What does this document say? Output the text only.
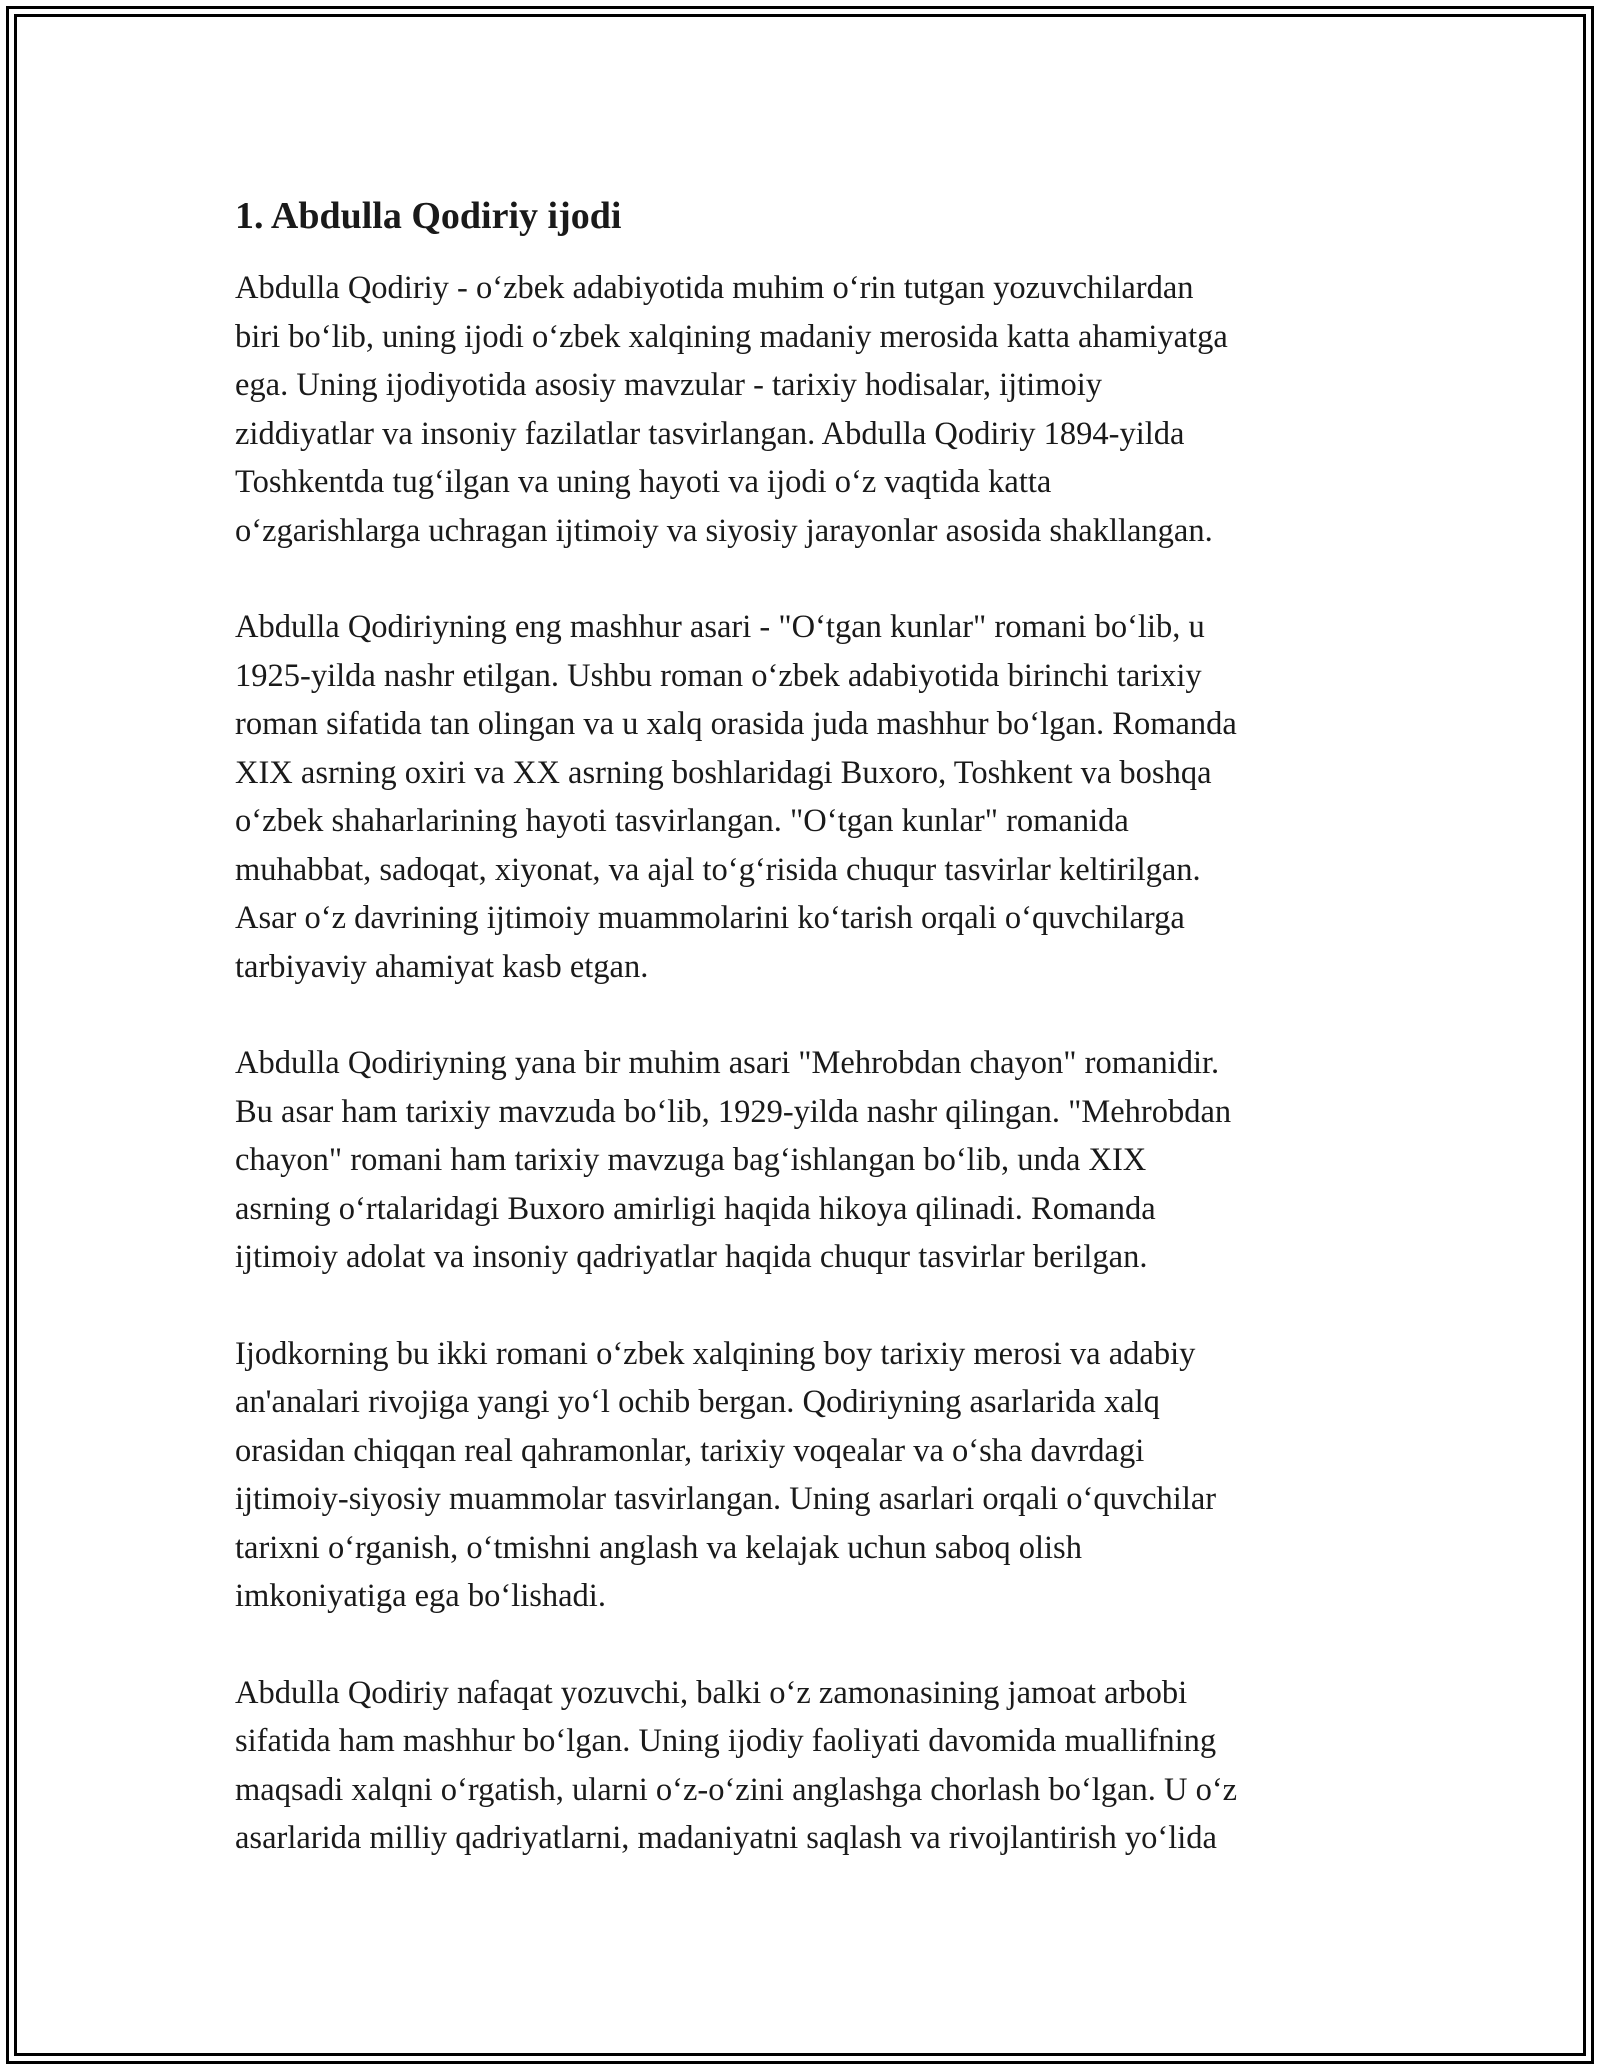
1. Abdulla Qodiriy ijodi
Abdulla Qodiriy - oʻzbek adabiyotida muhim oʻrin tutgan yozuvchilardan
biri boʻlib, uning ijodi oʻzbek xalqining madaniy merosida katta ahamiyatga
ega. Uning ijodiyotida asosiy mavzular - tarixiy hodisalar, ijtimoiy
ziddiyatlar va insoniy fazilatlar tasvirlangan. Abdulla Qodiriy 1894-yilda
Toshkentda tugʻilgan va uning hayoti va ijodi oʻz vaqtida katta
oʻzgarishlarga uchragan ijtimoiy va siyosiy jarayonlar asosida shakllangan.
Abdulla Qodiriyning eng mashhur asari - "Oʻtgan kunlar" romani boʻlib, u
1925-yilda nashr etilgan. Ushbu roman oʻzbek adabiyotida birinchi tarixiy
roman sifatida tan olingan va u xalq orasida juda mashhur boʻlgan. Romanda
XIX asrning oxiri va XX asrning boshlaridagi Buxoro, Toshkent va boshqa
oʻzbek shaharlarining hayoti tasvirlangan. "Oʻtgan kunlar" romanida
muhabbat, sadoqat, xiyonat, va ajal toʻgʻrisida chuqur tasvirlar keltirilgan.
Asar oʻz davrining ijtimoiy muammolarini koʻtarish orqali oʻquvchilarga
tarbiyaviy ahamiyat kasb etgan.
Abdulla Qodiriyning yana bir muhim asari "Mehrobdan chayon" romanidir.
Bu asar ham tarixiy mavzuda boʻlib, 1929-yilda nashr qilingan. "Mehrobdan
chayon" romani ham tarixiy mavzuga bagʻishlangan boʻlib, unda XIX
asrning oʻrtalaridagi Buxoro amirligi haqida hikoya qilinadi. Romanda
ijtimoiy adolat va insoniy qadriyatlar haqida chuqur tasvirlar berilgan.
Ijodkorning bu ikki romani oʻzbek xalqining boy tarixiy merosi va adabiy
an'analari rivojiga yangi yoʻl ochib bergan. Qodiriyning asarlarida xalq
orasidan chiqqan real qahramonlar, tarixiy voqealar va oʻsha davrdagi
ijtimoiy-siyosiy muammolar tasvirlangan. Uning asarlari orqali oʻquvchilar
tarixni oʻrganish, oʻtmishni anglash va kelajak uchun saboq olish
imkoniyatiga ega boʻlishadi.
Abdulla Qodiriy nafaqat yozuvchi, balki oʻz zamonasining jamoat arbobi
sifatida ham mashhur boʻlgan. Uning ijodiy faoliyati davomida muallifning
maqsadi xalqni oʻrgatish, ularni oʻz-oʻzini anglashga chorlash boʻlgan. U oʻz
asarlarida milliy qadriyatlarni, madaniyatni saqlash va rivojlantirish yoʻlida
